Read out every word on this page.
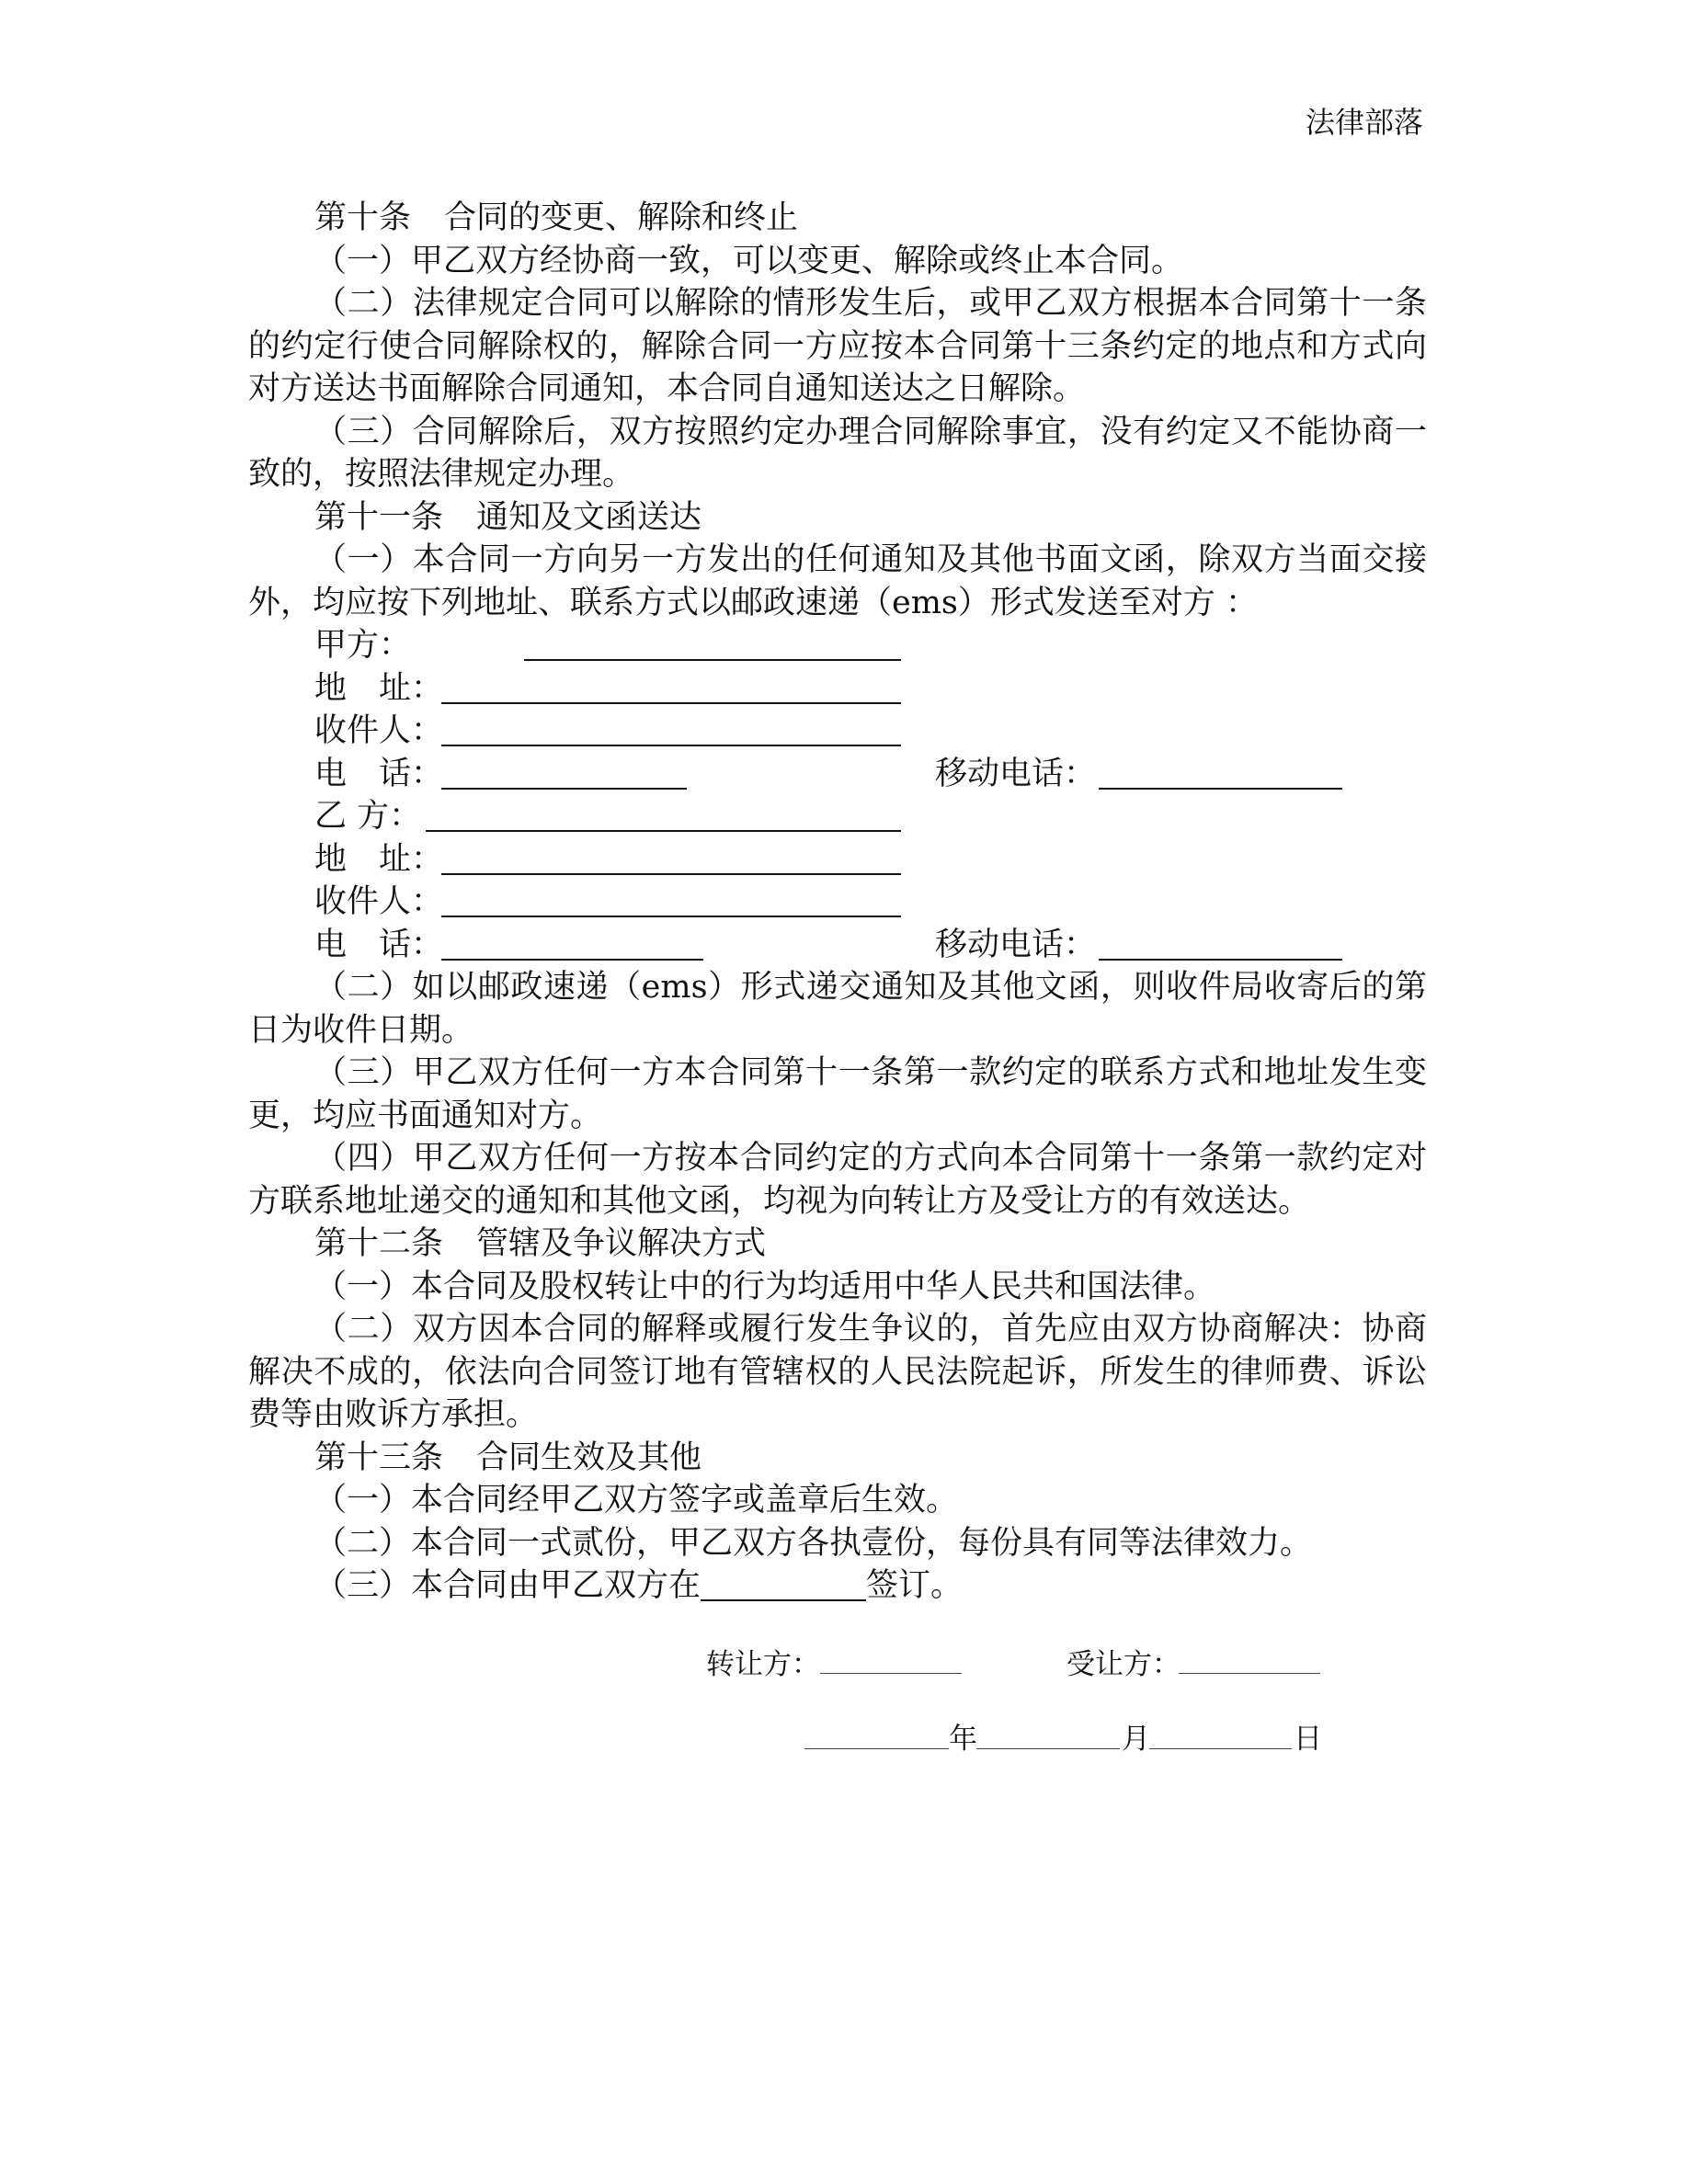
法律部落
第十条 合同的变更、解除和终止
（一）甲乙双方经协商一致，可以变更、解除或终止本合同。
（二）法律规定合同可以解除的情形发生后，或甲乙双方根据本合同第十一条
的约定行使合同解除权的，解除合同一方应按本合同第十三条约定的地点和方式向
对方送达书面解除合同通知，本合同自通知送达之日解除。
（三）合同解除后，双方按照约定办理合同解除事宜，没有约定又不能协商一
致的，按照法律规定办理。
第十一条 通知及文函送达
（一）本合同一方向另一方发出的任何通知及其他书面文函，除双方当面交接
外，均应按下列地址、联系方式以邮政速递（ems）形式发送至对方 ：
甲方：
地　址：
收件人：
电　话：	移动电话：
乙 方：
地　址：
收件人：
电　话：	移动电话：
（二）如以邮政速递（ems）形式递交通知及其他文函，则收件局收寄后的第
日为收件日期。
（三）甲乙双方任何一方本合同第十一条第一款约定的联系方式和地址发生变
更，均应书面通知对方。
（四）甲乙双方任何一方按本合同约定的方式向本合同第十一条第一款约定对
方联系地址递交的通知和其他文函，均视为向转让方及受让方的有效送达。
第十二条 管辖及争议解决方式
（一）本合同及股权转让中的行为均适用中华人民共和国法律。
（二）双方因本合同的解释或履行发生争议的，首先应由双方协商解决：协商
解决不成的，依法向合同签订地有管辖权的人民法院起诉，所发生的律师费、诉讼
费等由败诉方承担。
第十三条 合同生效及其他
（一）本合同经甲乙双方签字或盖章后生效。
（二）本合同一式贰份，甲乙双方各执壹份，每份具有同等法律效力。
（三）本合同由甲乙双方在	签订。
转让方：	受让方：
年	月	日
